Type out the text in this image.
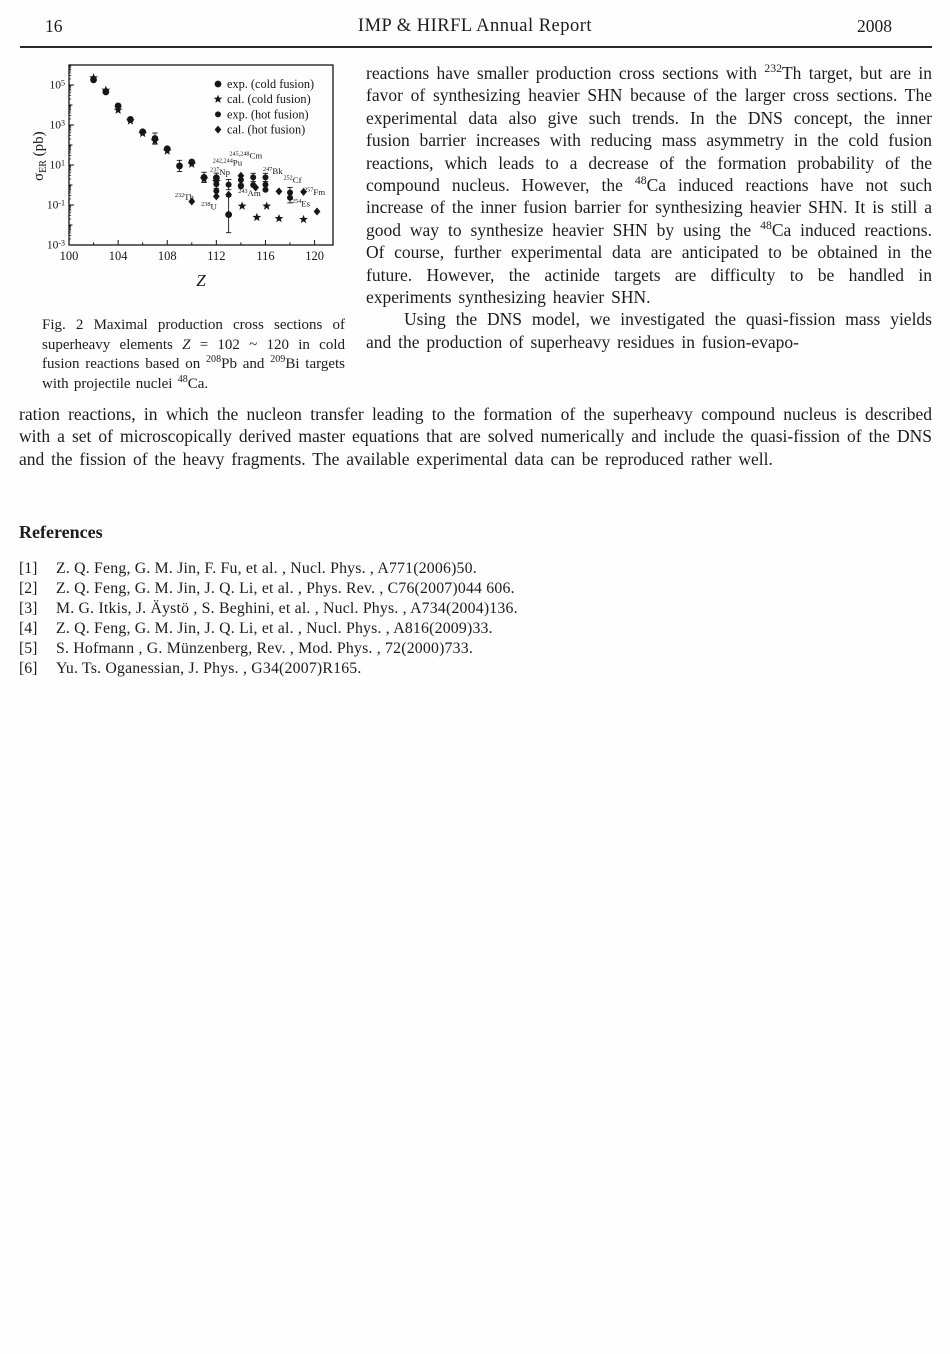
16	IMP & HIRFL Annual Report	2008
$10^{-3}$
$10^{-1}$
$10^1$
$10^3$
$10^5$
100 104 108 112 116 120
Z
σER (pb)
exp. (cold fusion)
cal. (cold fusion)
exp. (hot fusion)
cal. (hot fusion)
$^{232}$Th
$^{238}$U
$^{237}$Np
$^{242,244}$Pu
$^{245,248}$Cm
$^{247}$Bk
$^{243}$Am
$^{252}$Cf
$^{254}$Es
$^{257}$Fm
Fig. 2 Maximal production cross sections of superheavy elements Z = 102 ~ 120 in cold fusion reactions based on $^{208}$Pb and $^{209}$Bi targets with projectile nuclei $^{48}$Ca.

reactions have smaller production cross sections with $^{232}$Th target, but are in favor of synthesizing heavier SHN because of the larger cross sections. The experimental data also give such trends. In the DNS concept, the inner fusion barrier increases with reducing mass asymmetry in the cold fusion reactions, which leads to a decrease of the formation probability of the compound nucleus. However, the $^{48}$Ca induced reactions have not such increase of the inner fusion barrier for synthesizing heavier SHN. It is still a good way to synthesize heavier SHN by using the $^{48}$Ca induced reactions. Of course, further experimental data are anticipated to be obtained in the future. However, the actinide targets are difficulty to be handled in experiments synthesizing heavier SHN.

Using the DNS model, we investigated the quasi-fission mass yields and the production of superheavy residues in fusion-evapo-

ration reactions, in which the nucleon transfer leading to the formation of the superheavy compound nucleus is described with a set of microscopically derived master equations that are solved numerically and include the quasi-fission of the DNS and the fission of the heavy fragments. The available experimental data can be reproduced rather well.

References
[1]	Z. Q. Feng, G. M. Jin, F. Fu, et al. , Nucl. Phys. , A771(2006)50.
[2]	Z. Q. Feng, G. M. Jin, J. Q. Li, et al. , Phys. Rev. , C76(2007)044 606.
[3]	M. G. Itkis, J. Äystö , S. Beghini, et al. , Nucl. Phys. , A734(2004)136.
[4]	Z. Q. Feng, G. M. Jin, J. Q. Li, et al. , Nucl. Phys. , A816(2009)33.
[5]	S. Hofmann , G. Münzenberg, Rev. , Mod. Phys. , 72(2000)733.
[6]	Yu. Ts. Oganessian, J. Phys. , G34(2007)R165.
